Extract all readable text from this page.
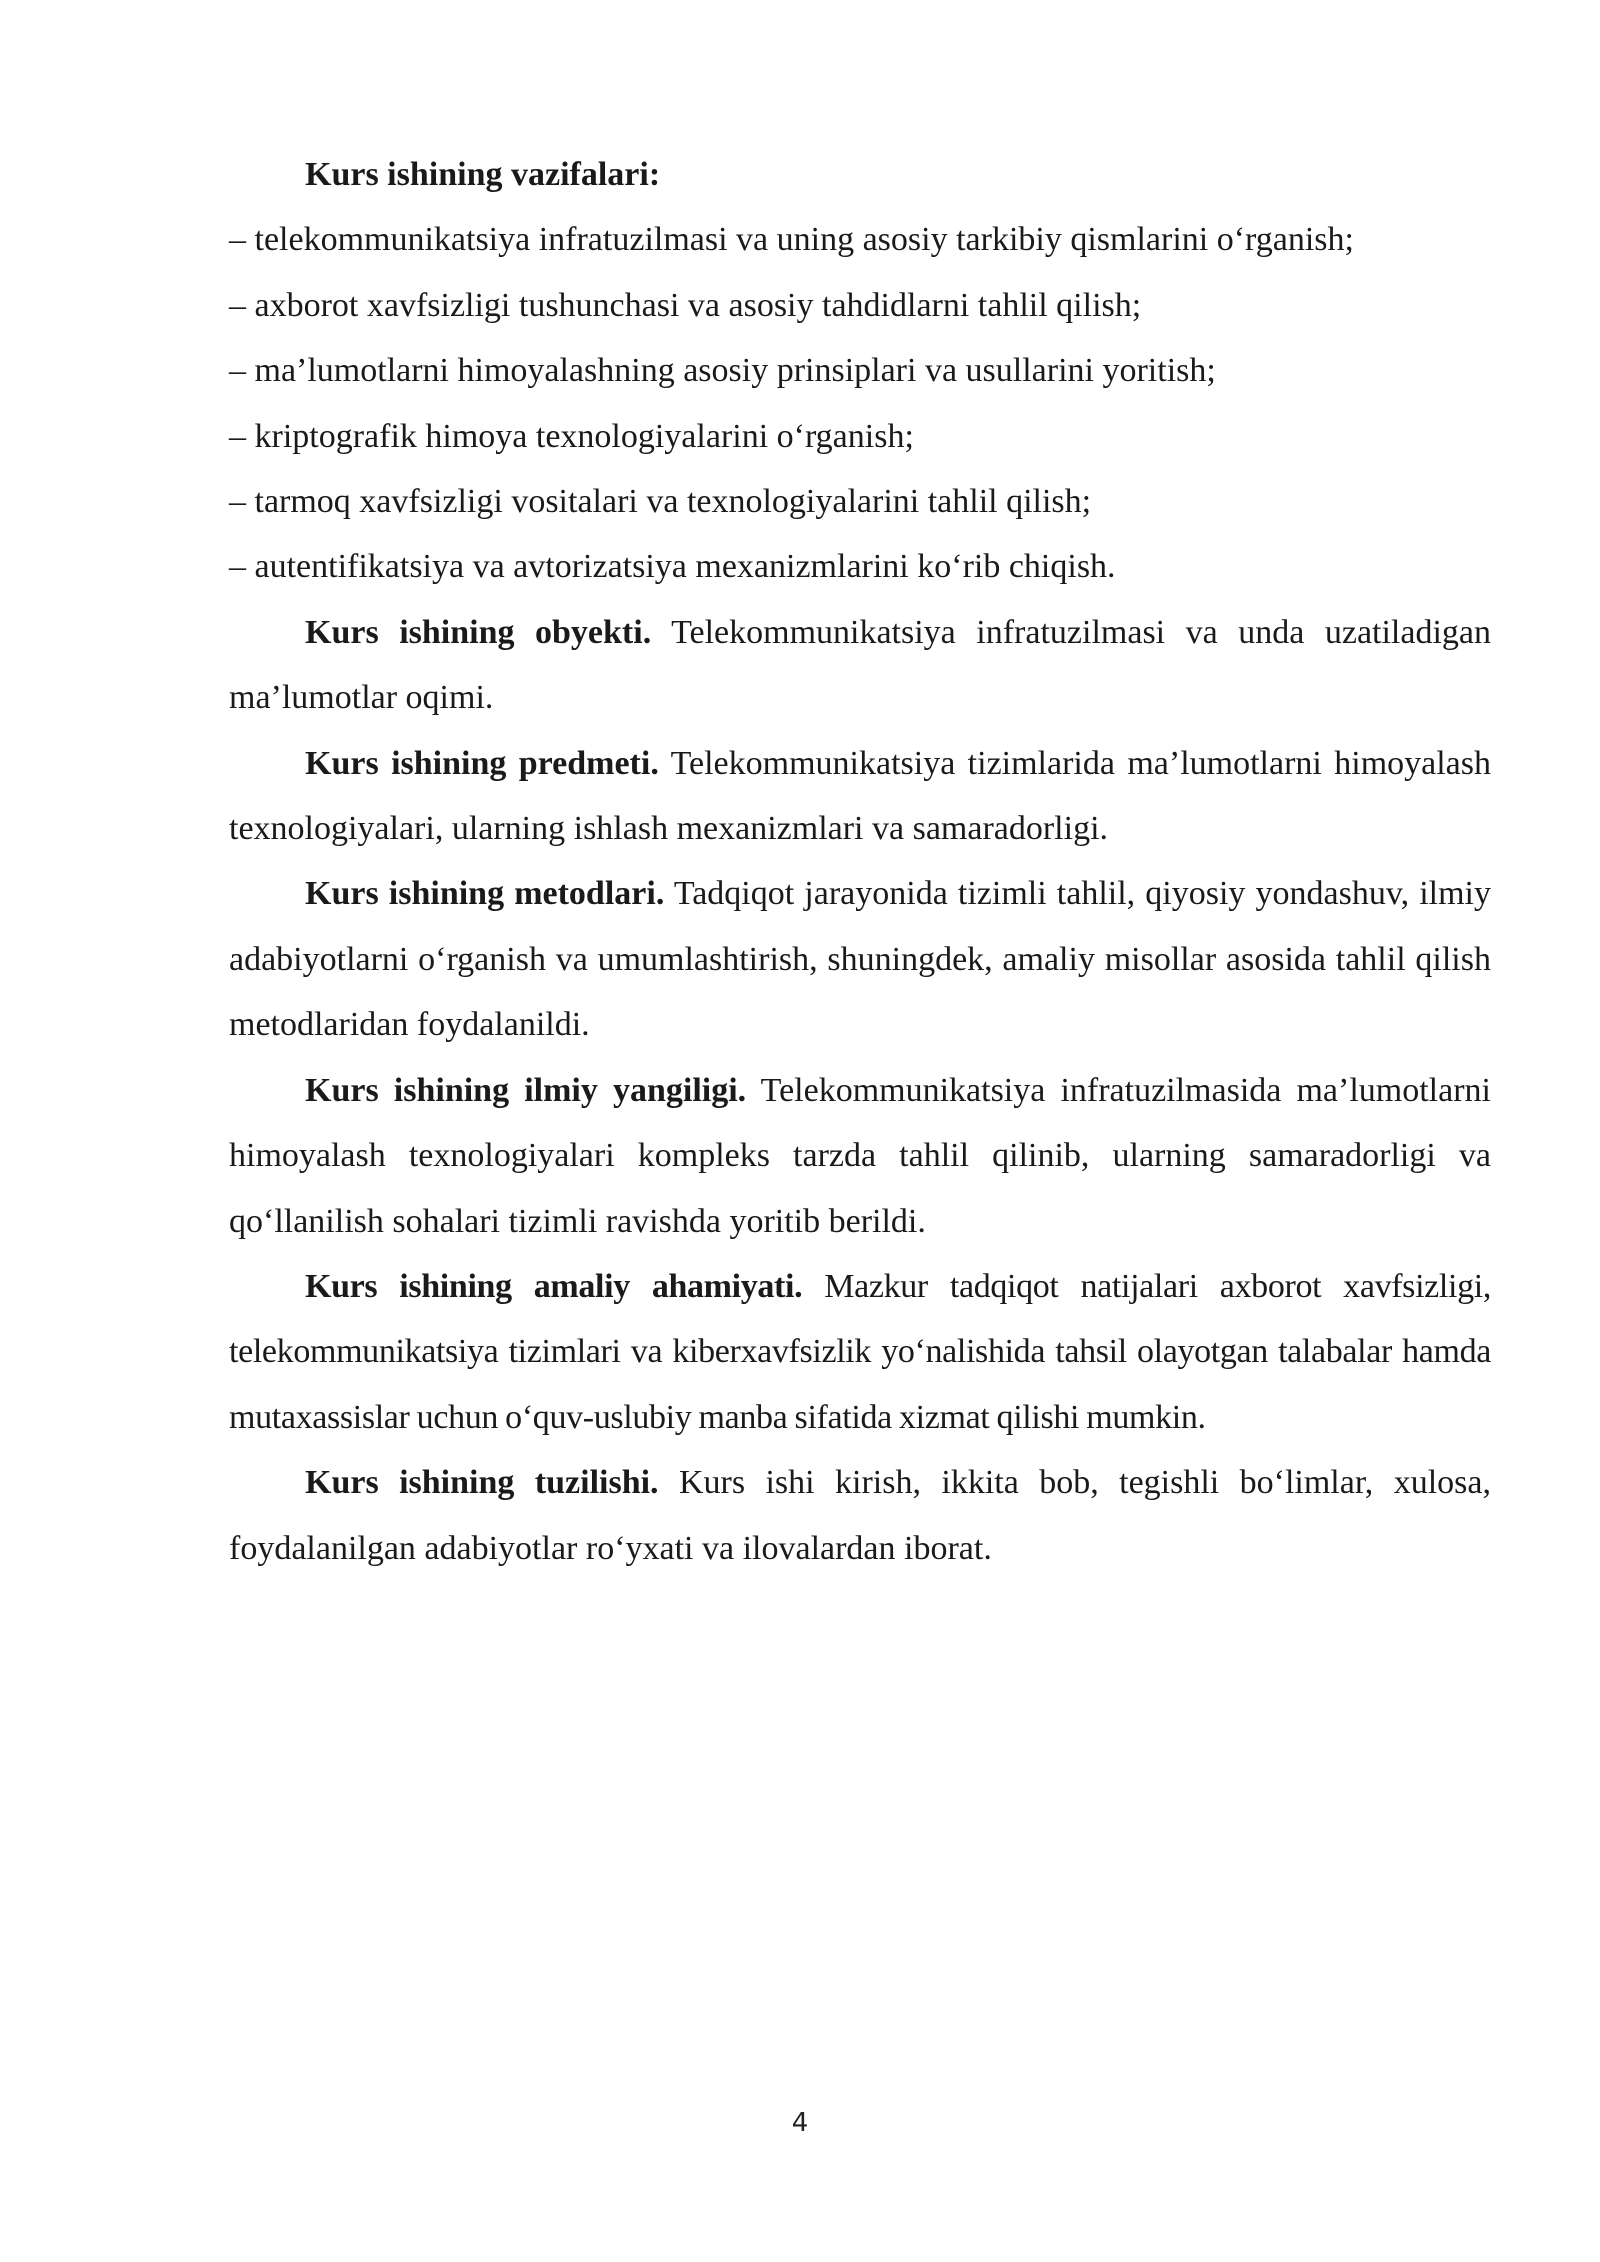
Kurs ishining vazifalari:
– telekommunikatsiya infratuzilmasi va uning asosiy tarkibiy qismlarini o‘rganish;
– axborot xavfsizligi tushunchasi va asosiy tahdidlarni tahlil qilish;
– ma’lumotlarni himoyalashning asosiy prinsiplari va usullarini yoritish;
– kriptografik himoya texnologiyalarini o‘rganish;
– tarmoq xavfsizligi vositalari va texnologiyalarini tahlil qilish;
– autentifikatsiya va avtorizatsiya mexanizmlarini ko‘rib chiqish.

Kurs ishining obyekti. Telekommunikatsiya infratuzilmasi va unda uzatiladigan ma’lumotlar oqimi.

Kurs ishining predmeti. Telekommunikatsiya tizimlarida ma’lumotlarni himoyalash texnologiyalari, ularning ishlash mexanizmlari va samaradorligi.

Kurs ishining metodlari. Tadqiqot jarayonida tizimli tahlil, qiyosiy yondashuv, ilmiy adabiyotlarni o‘rganish va umumlashtirish, shuningdek, amaliy misollar asosida tahlil qilish metodlaridan foydalanildi.

Kurs ishining ilmiy yangiligi. Telekommunikatsiya infratuzilmasida ma’lumotlarni himoyalash texnologiyalari kompleks tarzda tahlil qilinib, ularning samaradorligi va qo‘llanilish sohalari tizimli ravishda yoritib berildi.

Kurs ishining amaliy ahamiyati. Mazkur tadqiqot natijalari axborot xavfsizligi, telekommunikatsiya tizimlari va kiberxavfsizlik yo‘nalishida tahsil olayotgan talabalar hamda mutaxassislar uchun o‘quv-uslubiy manba sifatida xizmat qilishi mumkin.

Kurs ishining tuzilishi. Kurs ishi kirish, ikkita bob, tegishli bo‘limlar, xulosa, foydalanilgan adabiyotlar ro‘yxati va ilovalardan iborat.

4
